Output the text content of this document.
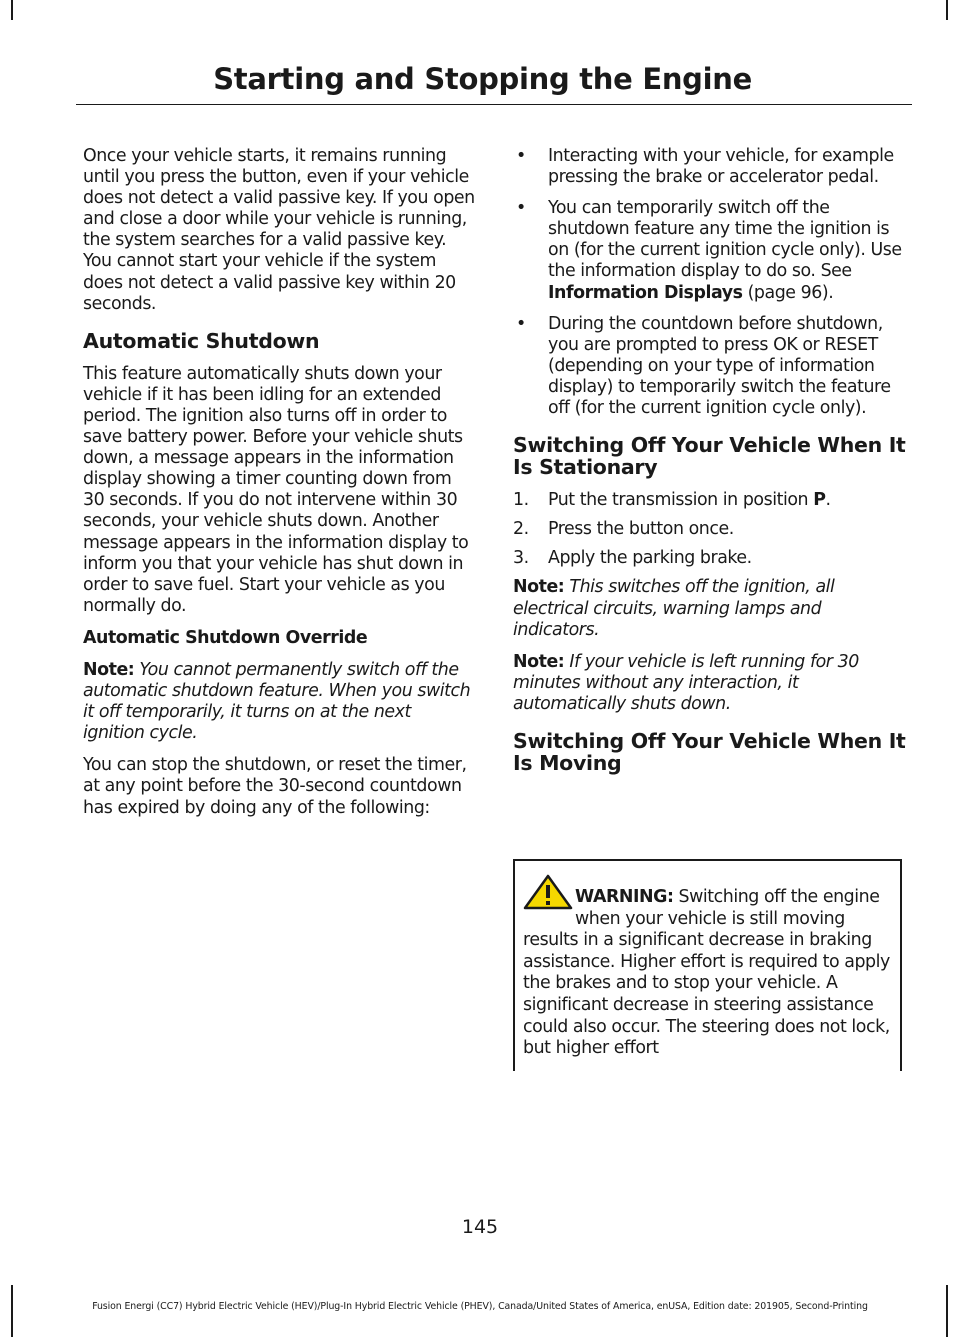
Starting and Stopping the Engine

Once your vehicle starts, it remains running until you press the button, even if your vehicle does not detect a valid passive key. If you open and close a door while your vehicle is running, the system searches for a valid passive key. You cannot start your vehicle if the system does not detect a valid passive key within 20 seconds.

Automatic Shutdown

This feature automatically shuts down your vehicle if it has been idling for an extended period. The ignition also turns off in order to save battery power. Before your vehicle shuts down, a message appears in the information display showing a timer counting down from 30 seconds. If you do not intervene within 30 seconds, your vehicle shuts down. Another message appears in the information display to inform you that your vehicle has shut down in order to save fuel. Start your vehicle as you normally do.

Automatic Shutdown Override

Note: You cannot permanently switch off the automatic shutdown feature. When you switch it off temporarily, it turns on at the next ignition cycle.

You can stop the shutdown, or reset the timer, at any point before the 30-second countdown has expired by doing any of the following:

• Interacting with your vehicle, for example pressing the brake or accelerator pedal.
• You can temporarily switch off the shutdown feature any time the ignition is on (for the current ignition cycle only). Use the information display to do so. See Information Displays (page 96).
• During the countdown before shutdown, you are prompted to press OK or RESET (depending on your type of information display) to temporarily switch the feature off (for the current ignition cycle only).
Switching Off Your Vehicle When It Is Stationary
1. Put the transmission in position P.
2. Press the button once.
3. Apply the parking brake.

Note: This switches off the ignition, all electrical circuits, warning lamps and indicators.

Note: If your vehicle is left running for 30 minutes without any interaction, it automatically shuts down.

Switching Off Your Vehicle When It Is Moving
WARNING: Switching off the engine when your vehicle is still moving results in a significant decrease in braking assistance. Higher effort is required to apply the brakes and to stop your vehicle. A significant decrease in steering assistance could also occur. The steering does not lock, but higher effort
145
Fusion Energi (CC7) Hybrid Electric Vehicle (HEV)/Plug-In Hybrid Electric Vehicle (PHEV), Canada/United States of America, enUSA, Edition date: 201905, Second-Printing
